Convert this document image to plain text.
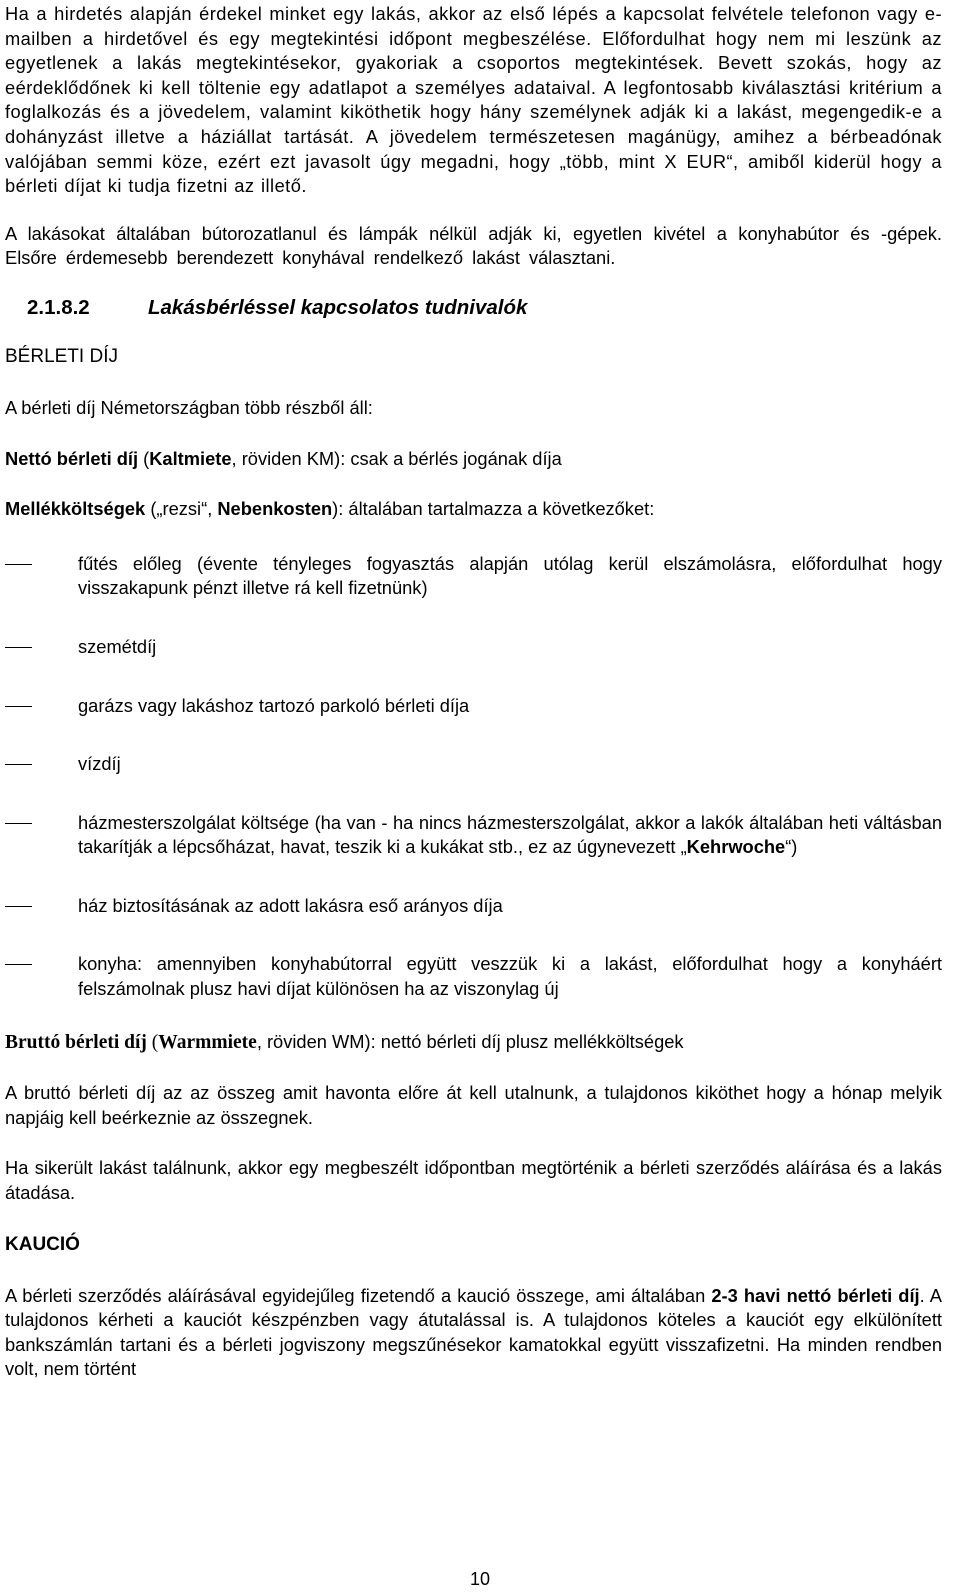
Ha a hirdetés alapján érdekel minket egy lakás, akkor az első lépés a kapcsolat felvétele telefonon vagy e-mailben a hirdetővel és egy megtekintési időpont megbeszélése. Előfordulhat hogy nem mi leszünk az egyetlenek a lakás megtekintésekor, gyakoriak a csoportos megtekintések. Bevett szokás, hogy az eérdeklődőnek ki kell töltenie egy adatlapot a személyes adataival. A legfontosabb kiválasztási kritérium a foglalkozás és a jövedelem, valamint kiköthetik hogy hány személynek adják ki a lakást, megengedik-e a dohányzást illetve a háziállat tartását. A jövedelem természetesen magánügy, amihez a bérbeadónak valójában semmi köze, ezért ezt javasolt úgy megadni, hogy „több, mint X EUR“, amiből kiderül hogy a bérleti díjat ki tudja fizetni az illető.

A lakásokat általában bútorozatlanul és lámpák nélkül adják ki, egyetlen kivétel a konyhabútor és -gépek. Elsőre érdemesebb berendezett konyhával rendelkező lakást választani.

2.1.8.2	Lakásbérléssel kapcsolatos tudnivalók
BÉRLETI DÍJ

A bérleti díj Németországban több részből áll:

Nettó bérleti díj (Kaltmiete, röviden KM): csak a bérlés jogának díja

Mellékköltségek („rezsi“, Nebenkosten): általában tartalmazza a következőket:

fűtés előleg (évente tényleges fogyasztás alapján utólag kerül elszámolásra, előfordulhat hogy visszakapunk pénzt illetve rá kell fizetnünk)
szemétdíj
garázs vagy lakáshoz tartozó parkoló bérleti díja
vízdíj
házmesterszolgálat költsége (ha van - ha nincs házmesterszolgálat, akkor a lakók általában heti váltásban takarítják a lépcsőházat, havat, teszik ki a kukákat stb., ez az úgynevezett „Kehrwoche“)
ház biztosításának az adott lakásra eső arányos díja
konyha: amennyiben konyhabútorral együtt veszzük ki a lakást, előfordulhat hogy a konyháért felszámolnak plusz havi díjat különösen ha az viszonylag új

Bruttó bérleti díj (Warmmiete, röviden WM): nettó bérleti díj plusz mellékköltségek

A bruttó bérleti díj az az összeg amit havonta előre át kell utalnunk, a tulajdonos kiköthet hogy a hónap melyik napjáig kell beérkeznie az összegnek.

Ha sikerült lakást találnunk, akkor egy megbeszélt időpontban megtörténik a bérleti szerződés aláírása és a lakás átadása.

KAUCIÓ

A bérleti szerződés aláírásával egyidejűleg fizetendő a kaució összege, ami általában 2-3 havi nettó bérleti díj. A tulajdonos kérheti a kauciót készpénzben vagy átutalással is. A tulajdonos köteles a kauciót egy elkülönített bankszámlán tartani és a bérleti jogviszony megszűnésekor kamatokkal együtt visszafizetni. Ha minden rendben volt, nem történt

10
